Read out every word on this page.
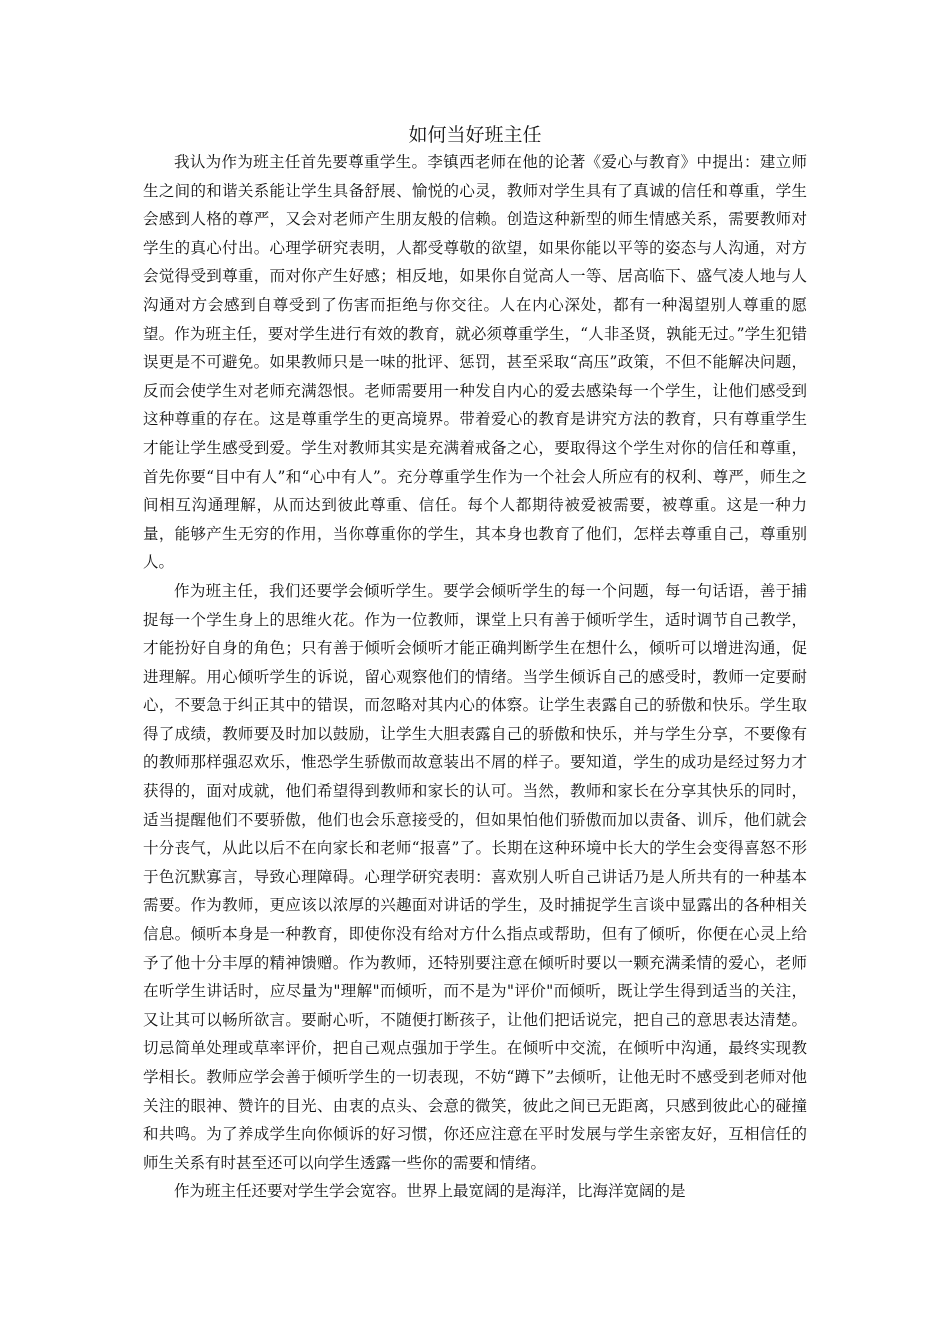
如何当好班主任

我认为作为班主任首先要尊重学生。李镇西老师在他的论著《爱心与教育》中提出：建立师生之间的和谐关系能让学生具备舒展、愉悦的心灵，教师对学生具有了真诚的信任和尊重，学生会感到人格的尊严，又会对老师产生朋友般的信赖。创造这种新型的师生情感关系，需要教师对学生的真心付出。心理学研究表明，人都受尊敬的欲望，如果你能以平等的姿态与人沟通，对方会觉得受到尊重，而对你产生好感；相反地，如果你自觉高人一等、居高临下、盛气凌人地与人沟通对方会感到自尊受到了伤害而拒绝与你交往。人在内心深处，都有一种渴望别人尊重的愿望。作为班主任，要对学生进行有效的教育，就必须尊重学生，“人非圣贤，孰能无过。”学生犯错误更是不可避免。如果教师只是一味的批评、惩罚，甚至采取“高压”政策，不但不能解决问题，反而会使学生对老师充满怨恨。老师需要用一种发自内心的爱去感染每一个学生，让他们感受到这种尊重的存在。这是尊重学生的更高境界。带着爱心的教育是讲究方法的教育，只有尊重学生才能让学生感受到爱。学生对教师其实是充满着戒备之心，要取得这个学生对你的信任和尊重，首先你要“目中有人”和“心中有人”。充分尊重学生作为一个社会人所应有的权利、尊严，师生之间相互沟通理解，从而达到彼此尊重、信任。每个人都期待被爱被需要，被尊重。这是一种力量，能够产生无穷的作用，当你尊重你的学生，其本身也教育了他们，怎样去尊重自己，尊重别人。

作为班主任，我们还要学会倾听学生。要学会倾听学生的每一个问题，每一句话语，善于捕捉每一个学生身上的思维火花。作为一位教师，课堂上只有善于倾听学生，适时调节自己教学，才能扮好自身的角色；只有善于倾听会倾听才能正确判断学生在想什么，倾听可以增进沟通，促进理解。用心倾听学生的诉说，留心观察他们的情绪。当学生倾诉自己的感受时，教师一定要耐心，不要急于纠正其中的错误，而忽略对其内心的体察。让学生表露自己的骄傲和快乐。学生取得了成绩，教师要及时加以鼓励，让学生大胆表露自己的骄傲和快乐，并与学生分享，不要像有的教师那样强忍欢乐，惟恐学生骄傲而故意装出不屑的样子。要知道，学生的成功是经过努力才获得的，面对成就，他们希望得到教师和家长的认可。当然，教师和家长在分享其快乐的同时，适当提醒他们不要骄傲，他们也会乐意接受的，但如果怕他们骄傲而加以责备、训斥，他们就会十分丧气，从此以后不在向家长和老师“报喜”了。长期在这种环境中长大的学生会变得喜怒不形于色沉默寡言，导致心理障碍。心理学研究表明：喜欢别人听自己讲话乃是人所共有的一种基本需要。作为教师，更应该以浓厚的兴趣面对讲话的学生，及时捕捉学生言谈中显露出的各种相关信息。倾听本身是一种教育，即使你没有给对方什么指点或帮助，但有了倾听，你便在心灵上给予了他十分丰厚的精神馈赠。作为教师，还特别要注意在倾听时要以一颗充满柔情的爱心，老师在听学生讲话时，应尽量为"理解"而倾听，而不是为"评价"而倾听，既让学生得到适当的关注，又让其可以畅所欲言。要耐心听，不随便打断孩子，让他们把话说完，把自己的意思表达清楚。切忌简单处理或草率评价，把自己观点强加于学生。在倾听中交流，在倾听中沟通，最终实现教学相长。教师应学会善于倾听学生的一切表现，不妨“蹲下”去倾听，让他无时不感受到老师对他关注的眼神、赞许的目光、由衷的点头、会意的微笑，彼此之间已无距离，只感到彼此心的碰撞和共鸣。为了养成学生向你倾诉的好习惯，你还应注意在平时发展与学生亲密友好，互相信任的师生关系有时甚至还可以向学生透露一些你的需要和情绪。

作为班主任还要对学生学会宽容。世界上最宽阔的是海洋，比海洋宽阔的是
